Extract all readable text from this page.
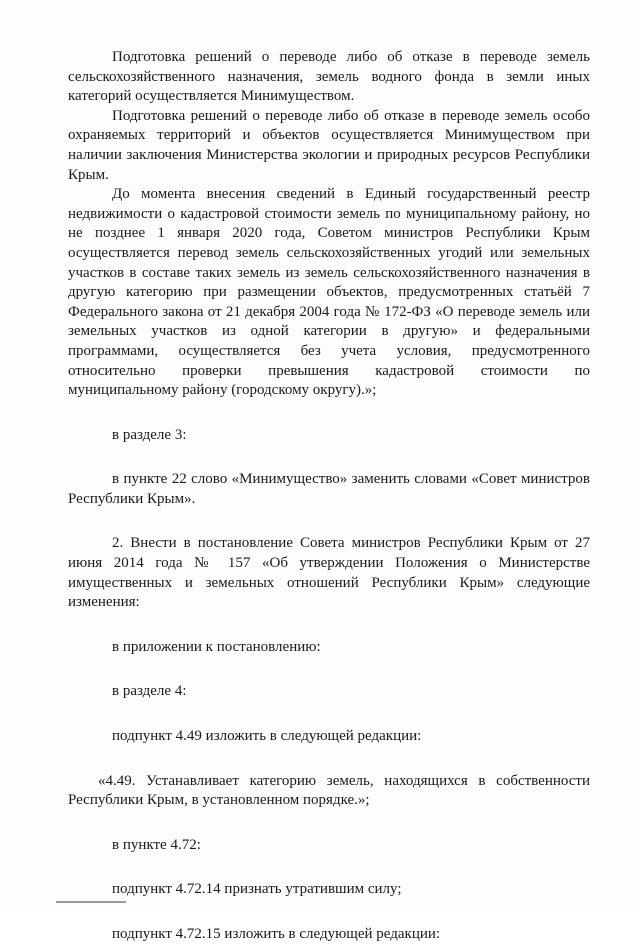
Подготовка решений о переводе либо об отказе в переводе земель сельскохозяйственного назначения, земель водного фонда в земли иных категорий осуществляется Минимуществом.

Подготовка решений о переводе либо об отказе в переводе земель особо охраняемых территорий и объектов осуществляется Минимуществом при наличии заключения Министерства экологии и природных ресурсов Республики Крым.

До момента внесения сведений в Единый государственный реестр недвижимости о кадастровой стоимости земель по муниципальному району, но не позднее 1 января 2020 года, Советом министров Республики Крым осуществляется перевод земель сельскохозяйственных угодий или земельных участков в составе таких земель из земель сельскохозяйственного назначения в другую категорию при размещении объектов, предусмотренных статьёй 7 Федерального закона от 21 декабря 2004 года № 172-ФЗ «О переводе земель или земельных участков из одной категории в другую» и федеральными программами, осуществляется без учета условия, предусмотренного относительно проверки превышения кадастровой стоимости по муниципальному району (городскому округу).»;

в разделе 3:

в пункте 22 слово «Минимущество» заменить словами «Совет министров Республики Крым».

2. Внести в постановление Совета министров Республики Крым от 27 июня 2014 года № 157 «Об утверждении Положения о Министерстве имущественных и земельных отношений Республики Крым» следующие изменения:

в приложении к постановлению:

в разделе 4:

подпункт 4.49 изложить в следующей редакции:

«4.49. Устанавливает категорию земель, находящихся в собственности Республики Крым, в установленном порядке.»;

в пункте 4.72:

подпункт 4.72.14 признать утратившим силу;

подпункт 4.72.15 изложить в следующей редакции:
